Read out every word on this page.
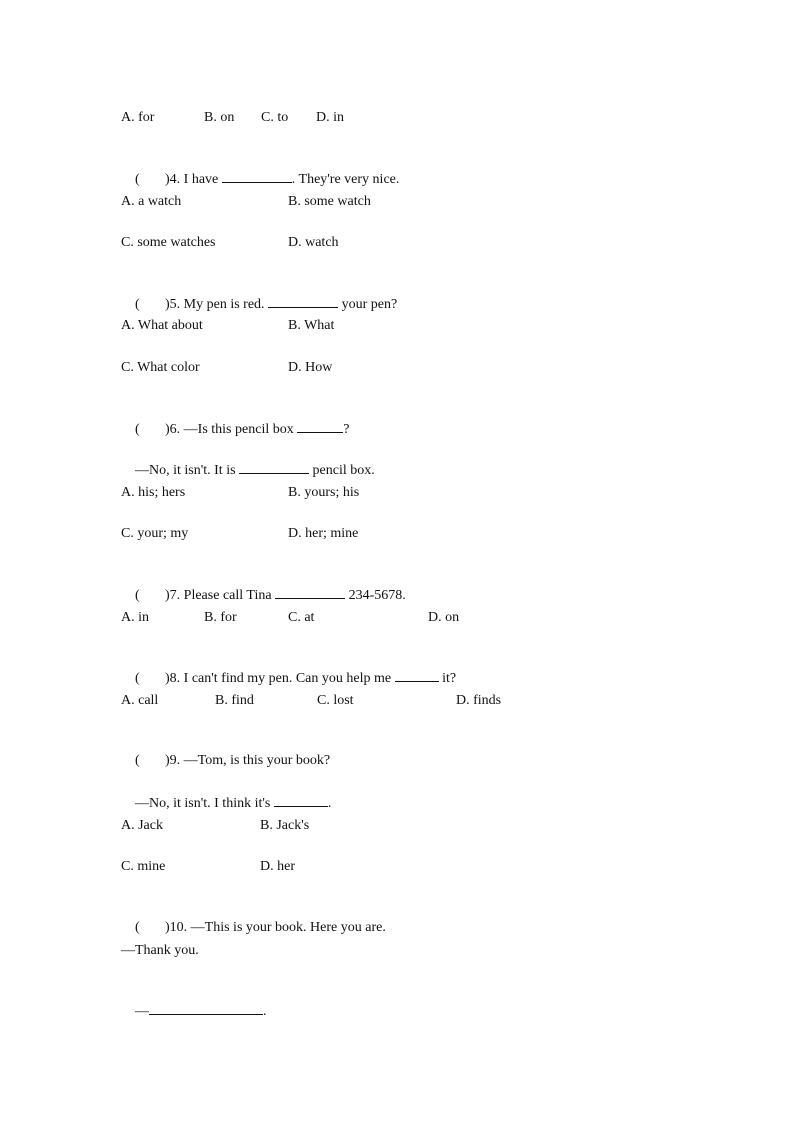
A. for	B. on C. to D. in

( )4. I have	. They're very nice.

A. a watch	B. some watch
C. some watches	D. watch

( )5. My pen is red.	your pen?

A. What about	B. What
C. What color	D. How

( )6. —Is this pencil box	?

—No, it isn't. It is	pencil box.

A. his; hers	B. yours; his
C. your; my	D. her; mine

( )7. Please call Tina	234-5678.

A. in	B. for	C. at	D. on

( )8. I can't find my pen. Can you help me	it?

A. call	B. find	C. lost	D. finds

( )9. —Tom, is this your book?

—No, it isn't. I think it's	.

A. Jack	B. Jack's
C. mine	D. her

( )10. —This is your book. Here you are.

—Thank you.

—	.
